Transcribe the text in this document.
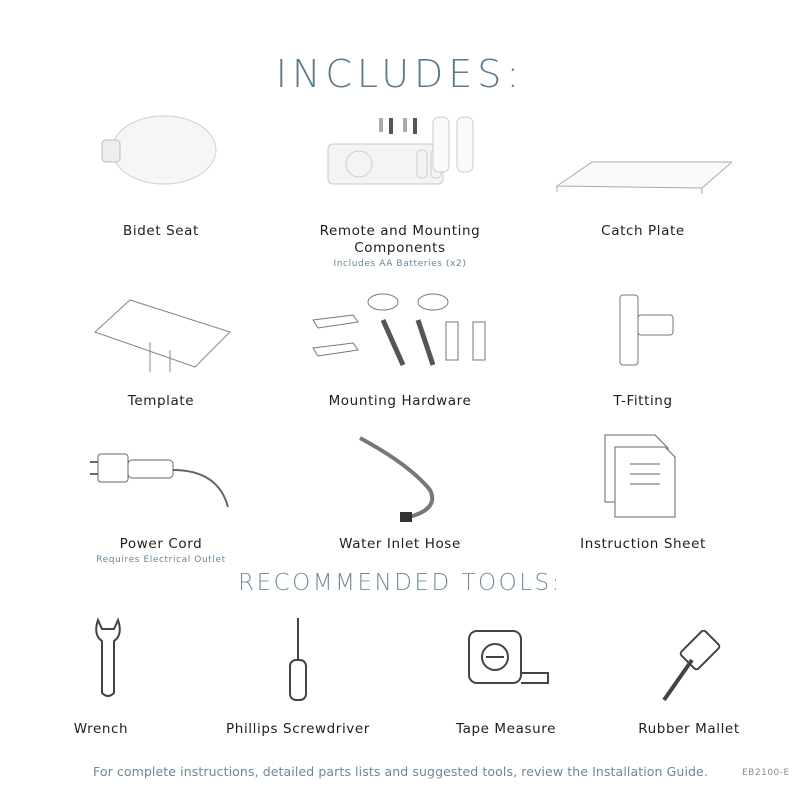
INCLUDES:
Bidet Seat	Remote and Mounting
Components
Includes AA Batteries (x2)
Catch Plate
Template	Mounting Hardware	T-Fitting
Power Cord
Requires Electrical Outlet
Water Inlet Hose	Instruction Sheet
RECOMMENDED TOOLS:
Wrench	Phillips Screwdriver	Tape Measure	Rubber Mallet
For complete instructions, detailed parts lists and suggested tools, review the Installation Guide.	EB2100-E
